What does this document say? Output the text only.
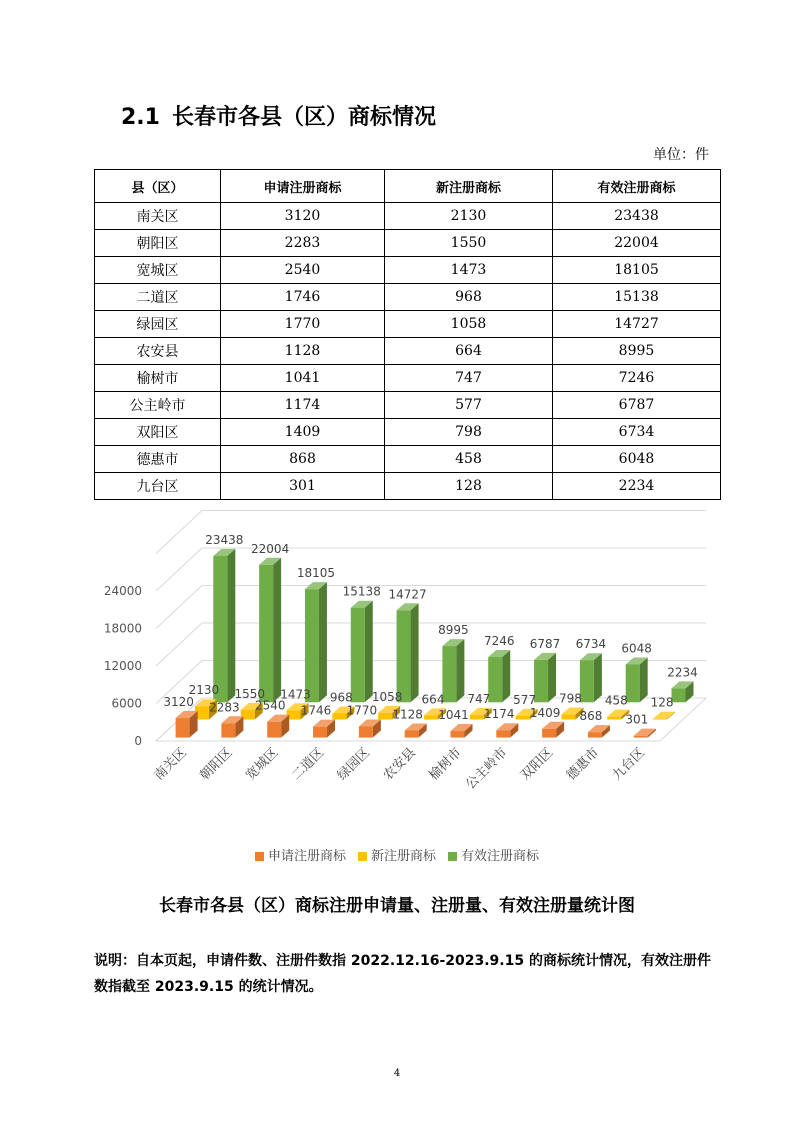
2.1 长春市各县（区）商标情况
单位：件
县（区）	申请注册商标	新注册商标	有效注册商标
南关区	3120	2130	23438
朝阳区	2283	1550	22004
宽城区	2540	1473	18105
二道区	1746	968	15138
绿园区	1770	1058	14727
农安县	1128	664	8995
榆树市	1041	747	7246
公主岭市	1174	577	6787
双阳区	1409	798	6734
德惠市	868	458	6048
九台区	301	128	2234
0
6000
12000
18000
24000
23438
22004
18105
15138 14727
8995
7246 6787 6734 6048
2234
2130 1550 1473 968 1058 664 747 577 798 458 128
3120 2283 2540 1746 1770 1128 1041 1174 1409 868 301
南关区 朝阳区 宽城区 二道区 绿园区 农安县 榆树市
公主岭市 双阳区 德惠市 九台区
申请注册商标 新注册商标 有效注册商标
长春市各县（区）商标注册申请量、注册量、有效注册量统计图
说明：自本页起，申请件数、注册件数指 2022.12.16-2023.9.15 的商标统计情况，有效注册件数指截至 2023.9.15 的统计情况。
4
